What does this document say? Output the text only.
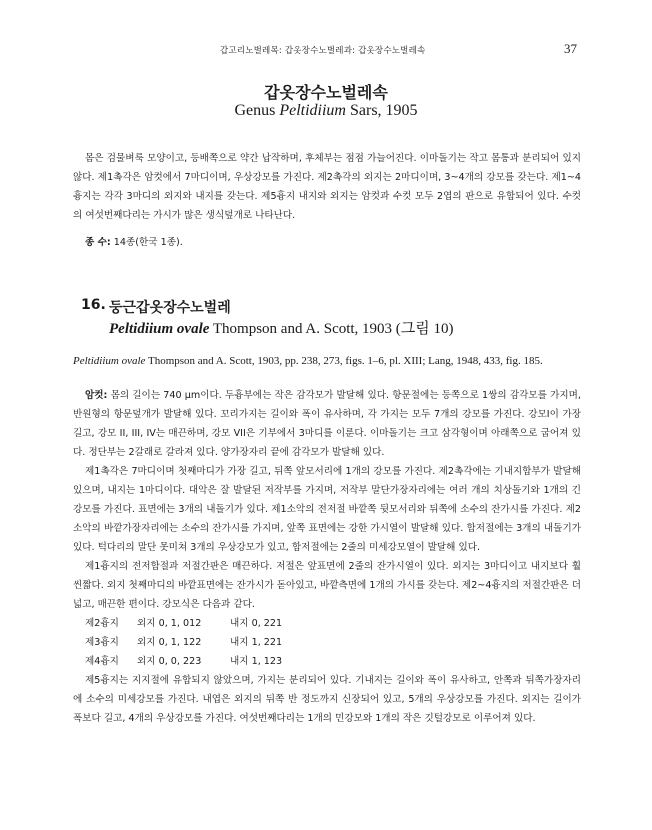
갑고리노벌레목: 갑옷장수노벌레과: 갑옷장수노벌레속	37
갑옷장수노벌레속
Genus Peltidiium Sars, 1905
몸은 검물벼룩 모양이고, 등배쪽으로 약간 납작하며, 후체부는 점점 가늘어진다. 이마돌기는 작고 몸통과 분리되어 있지 않다. 제1촉각은 암컷에서 7마디이며, 우상강모를 가진다. 제2촉각의 외지는 2마디이며, 3~4개의 강모를 갖는다. 제1~4흉지는 각각 3마디의 외지와 내지를 갖는다. 제5흉지 내지와 외지는 암컷과 수컷 모두 2엽의 판으로 유합되어 있다. 수컷의 여섯번째다리는 가시가 많은 생식덮개로 나타난다.
종 수: 14종(한국 1종).
16. 둥근갑옷장수노벌레
Peltidiium ovale Thompson and A. Scott, 1903 (그림 10)
Peltidiium ovale Thompson and A. Scott, 1903, pp. 238, 273, figs. 1–6, pl. XIII; Lang, 1948, 433, fig. 185.

암컷: 몸의 길이는 740 μm이다. 두흉부에는 작은 감각모가 발달해 있다. 항문절에는 등쪽으로 1쌍의 감각모를 가지며, 반원형의 항문덮개가 발달해 있다. 꼬리가지는 길이와 폭이 유사하며, 각 가지는 모두 7개의 강모를 가진다. 강모I이 가장 길고, 강모 II, III, IV는 매끈하며, 강모 VII은 기부에서 3마디를 이룬다. 이마돌기는 크고 삼각형이며 아래쪽으로 굽어져 있다. 정단부는 2갈래로 갈라져 있다. 양가장자리 끝에 감각모가 발달해 있다.

제1촉각은 7마디이며 첫째마디가 가장 길고, 뒤쪽 앞모서리에 1개의 강모를 가진다. 제2촉각에는 기내지합부가 발달해 있으며, 내지는 1마디이다. 대악은 잘 발달된 저작부를 가지며, 저작부 말단가장자리에는 여러 개의 치상돌기와 1개의 긴 강모를 가진다. 표면에는 3개의 내돌기가 있다. 제1소악의 전저절 바깥쪽 뒷모서리와 뒤쪽에 소수의 잔가시를 가진다. 제2소악의 바깥가장자리에는 소수의 잔가시를 가지며, 앞쪽 표면에는 강한 가시열이 발달해 있다. 합저절에는 3개의 내돌기가 있다. 턱다리의 말단 못미쳐 3개의 우상강모가 있고, 합저절에는 2줄의 미세강모열이 발달해 있다.

제1흉지의 전저합절과 저절간판은 매끈하다. 저절은 앞표면에 2줄의 잔가시열이 있다. 외지는 3마디이고 내지보다 훨씬짧다. 외지 첫째마디의 바깥표면에는 잔가시가 돋아있고, 바깥측면에 1개의 가시를 갖는다. 제2~4흉지의 저절간판은 더 넓고, 매끈한 편이다. 강모식은 다음과 같다.

제2흉지	외지 0, 1, 012	내지 0, 221
제3흉지	외지 0, 1, 122	내지 1, 221
제4흉지	외지 0, 0, 223	내지 1, 123

제5흉지는 지지절에 유합되지 않았으며, 가지는 분리되어 있다. 기내지는 길이와 폭이 유사하고, 안쪽과 뒤쪽가장자리에 소수의 미세강모를 가진다. 내엽은 외지의 뒤쪽 반 정도까지 신장되어 있고, 5개의 우상강모를 가진다. 외지는 길이가 폭보다 길고, 4개의 우상강모를 가진다. 여섯번째다리는 1개의 민강모와 1개의 작은 깃털강모로 이루어져 있다.
